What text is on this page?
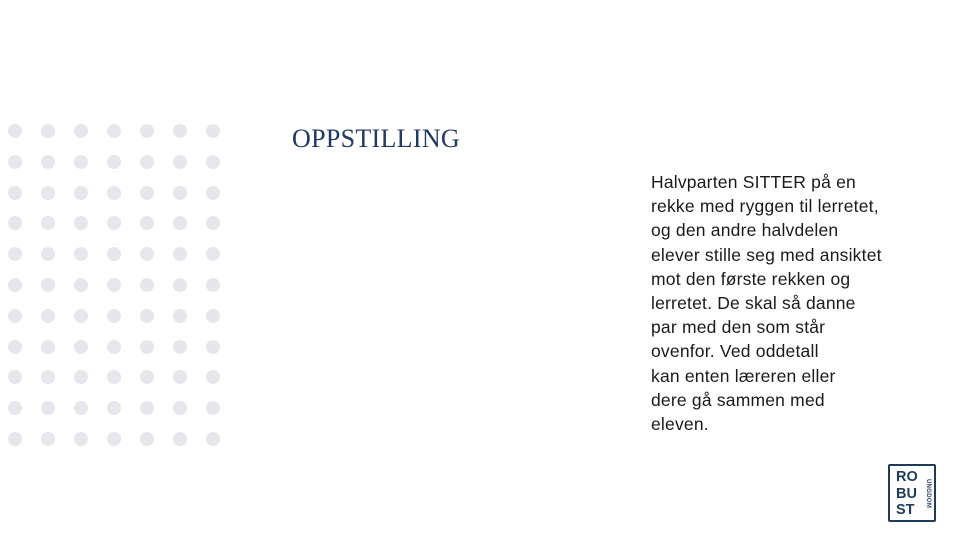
OPPSTILLING

Halvparten SITTER på en
rekke med ryggen til lerretet,
og den andre halvdelen
elever stille seg med ansiktet
mot den første rekken og
lerretet. De skal så danne
par med den som står
ovenfor. Ved oddetall
kan enten læreren eller
dere gå sammen med
eleven.

RO
BU
ST
UNGDOM
